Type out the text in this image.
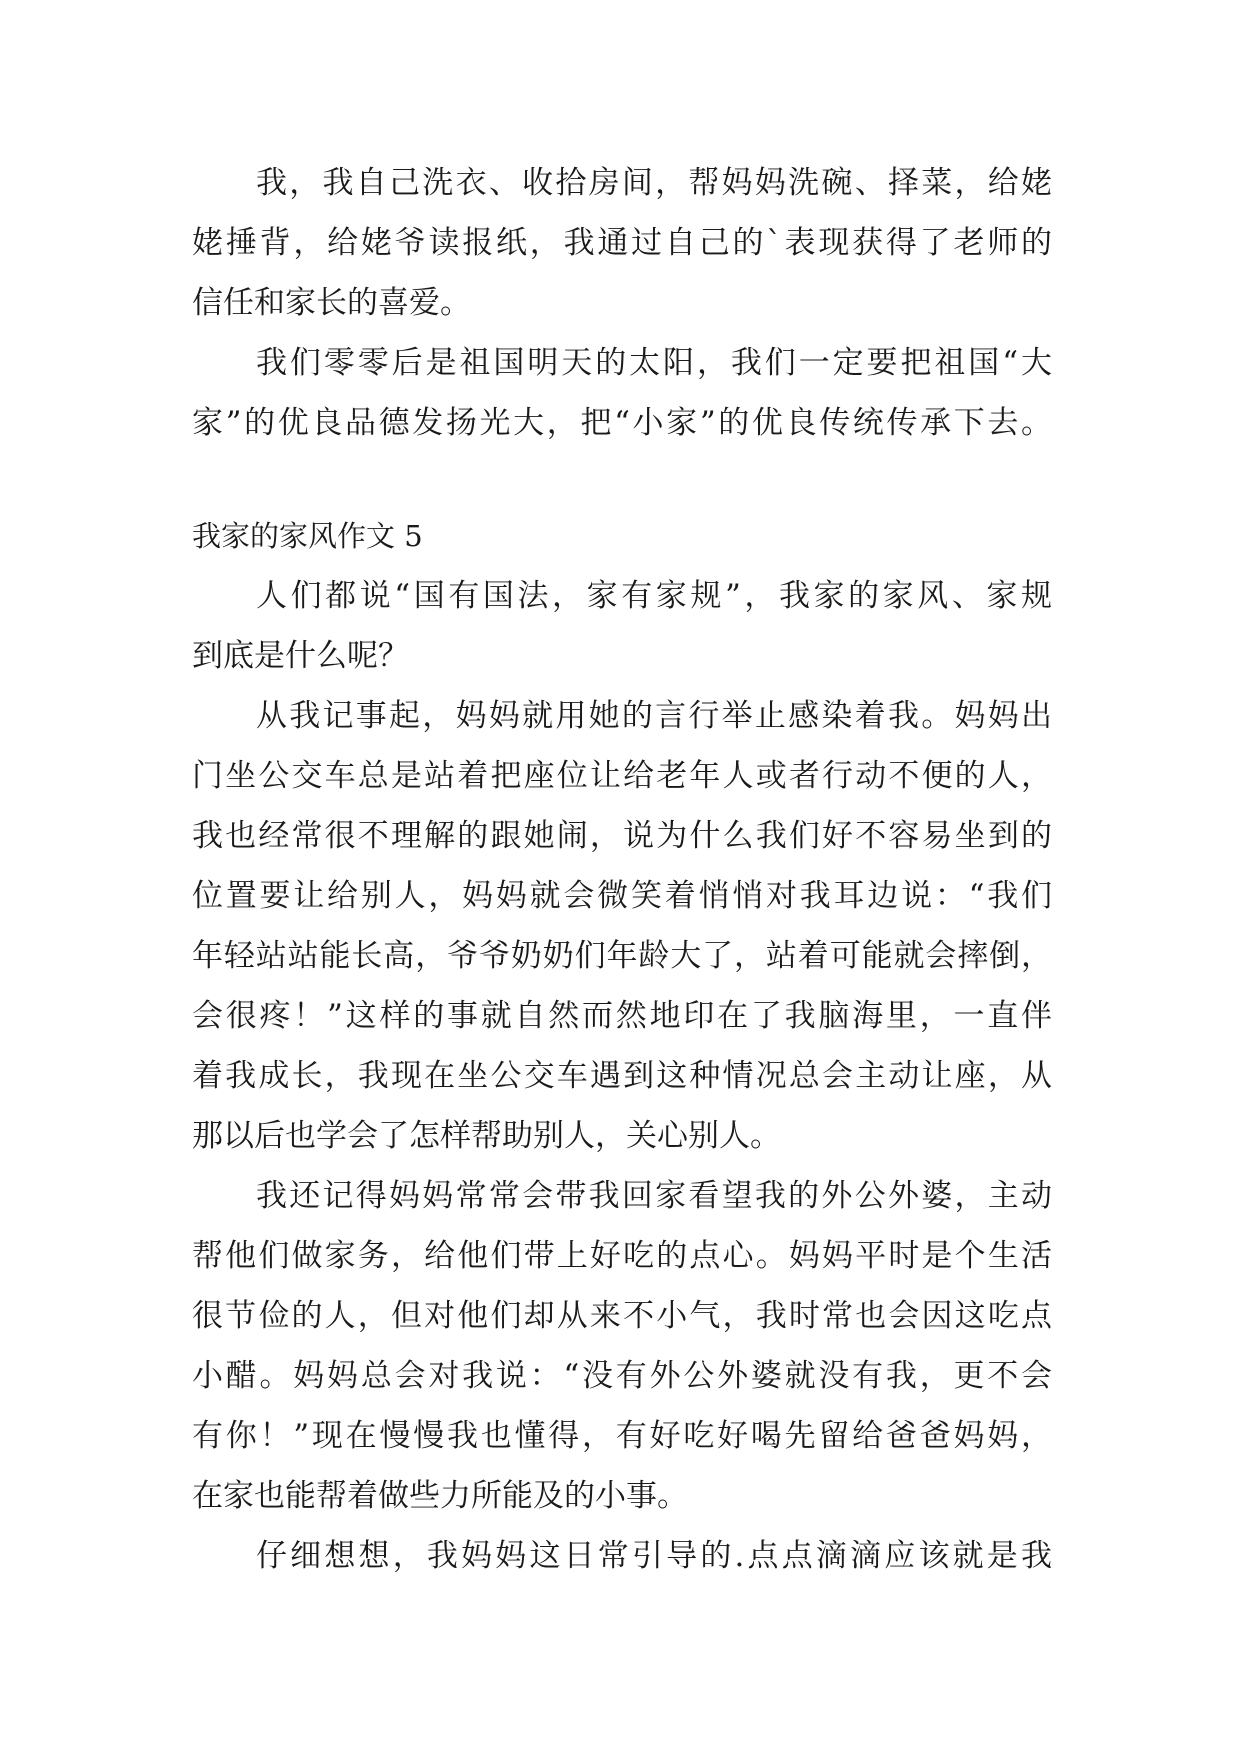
我，我自己洗衣、收拾房间，帮妈妈洗碗、择菜，给姥
姥捶背，给姥爷读报纸，我通过自己的`表现获得了老师的
信任和家长的喜爱。
我们零零后是祖国明天的太阳，我们一定要把祖国“大
家”的优良品德发扬光大，把“小家”的优良传统传承下去。
我家的家风作文 5
人们都说“国有国法，家有家规”，我家的家风、家规
到底是什么呢？
从我记事起，妈妈就用她的言行举止感染着我。妈妈出
门坐公交车总是站着把座位让给老年人或者行动不便的人，
我也经常很不理解的跟她闹，说为什么我们好不容易坐到的
位置要让给别人，妈妈就会微笑着悄悄对我耳边说：“我们
年轻站站能长高，爷爷奶奶们年龄大了，站着可能就会摔倒，
会很疼！”这样的事就自然而然地印在了我脑海里，一直伴
着我成长，我现在坐公交车遇到这种情况总会主动让座，从
那以后也学会了怎样帮助别人，关心别人。
我还记得妈妈常常会带我回家看望我的外公外婆，主动
帮他们做家务，给他们带上好吃的点心。妈妈平时是个生活
很节俭的人，但对他们却从来不小气，我时常也会因这吃点
小醋。妈妈总会对我说：“没有外公外婆就没有我，更不会
有你！”现在慢慢我也懂得，有好吃好喝先留给爸爸妈妈，
在家也能帮着做些力所能及的小事。
仔细想想，我妈妈这日常引导的.点点滴滴应该就是我
